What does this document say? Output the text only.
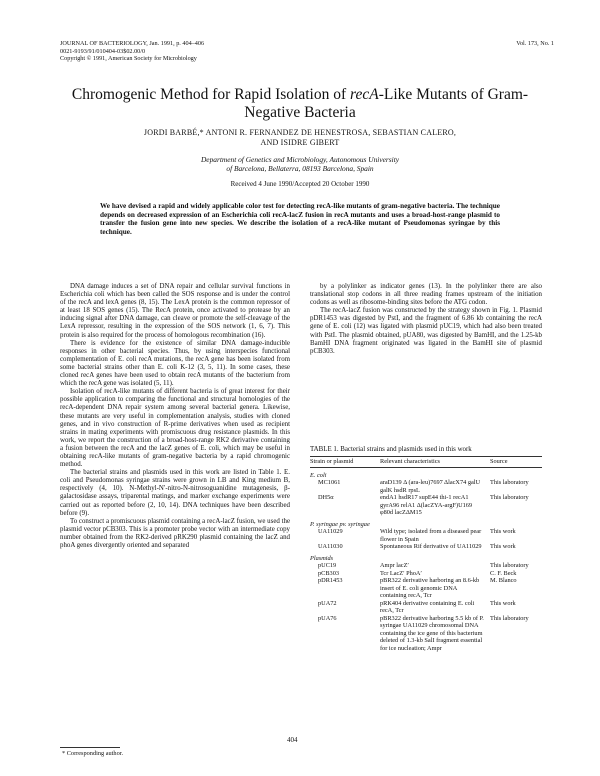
JOURNAL OF BACTERIOLOGY, Jan. 1991, p. 404–406
0021-9193/91/010404-03$02.00/0
Copyright © 1991, American Society for Microbiology
Vol. 173, No. 1
Chromogenic Method for Rapid Isolation of recA-Like Mutants of Gram-Negative Bacteria
JORDI BARBÉ,* ANTONI R. FERNANDEZ DE HENESTROSA, SEBASTIAN CALERO,
AND ISIDRE GIBERT
Department of Genetics and Microbiology, Autonomous University
of Barcelona, Bellaterra, 08193 Barcelona, Spain
Received 4 June 1990/Accepted 20 October 1990
We have devised a rapid and widely applicable color test for detecting recA-like mutants of gram-negative bacteria. The technique depends on decreased expression of an Escherichia coli recA-lacZ fusion in recA mutants and uses a broad-host-range plasmid to transfer the fusion gene into new species. We describe the isolation of a recA-like mutant of Pseudomonas syringae by this technique.

DNA damage induces a set of DNA repair and cellular survival functions in Escherichia coli which has been called the SOS response and is under the control of the recA and lexA genes (8, 15). The LexA protein is the common repressor of at least 18 SOS genes (15). The RecA protein, once activated to protease by an inducing signal after DNA damage, can cleave or promote the self-cleavage of the LexA repressor, resulting in the expression of the SOS network (1, 6, 7). This protein is also required for the process of homologous recombination (16).

There is evidence for the existence of similar DNA damage-inducible responses in other bacterial species. Thus, by using interspecies functional complementation of E. coli recA mutations, the recA gene has been isolated from some bacterial strains other than E. coli K-12 (3, 5, 11). In some cases, these cloned recA genes have been used to obtain recA mutants of the bacterium from which the recA gene was isolated (5, 11).

Isolation of recA-like mutants of different bacteria is of great interest for their possible application to comparing the functional and structural homologies of the recA-dependent DNA repair system among several bacterial genera. Likewise, these mutants are very useful in complementation analysis, studies with cloned genes, and in vivo construction of R-prime derivatives when used as recipient strains in mating experiments with promiscuous drug resistance plasmids. In this work, we report the construction of a broad-host-range RK2 derivative containing a fusion between the recA and the lacZ genes of E. coli, which may be useful in obtaining recA-like mutants of gram-negative bacteria by a rapid chromogenic method.

The bacterial strains and plasmids used in this work are listed in Table 1. E. coli and Pseudomonas syringae strains were grown in LB and King medium B, respectively (4, 10). N-Methyl-N′-nitro-N-nitrosoguanidine mutagenesis, β-galactosidase assays, triparental matings, and marker exchange experiments were carried out as reported before (2, 10, 14). DNA techniques have been described before (9).

To construct a promiscuous plasmid containing a recA-lacZ fusion, we used the plasmid vector pCB303. This is a promoter probe vector with an intermediate copy number obtained from the RK2-derived pRK290 plasmid containing the lacZ and phoA genes divergently oriented and separated

by a polylinker as indicator genes (13). In the polylinker there are also translational stop codons in all three reading frames upstream of the initiation codons as well as ribosome-binding sites before the ATG codon.

The recA-lacZ fusion was constructed by the strategy shown in Fig. 1. Plasmid pDR1453 was digested by PstI, and the fragment of 6.86 kb containing the recA gene of E. coli (12) was ligated with plasmid pUC19, which had also been treated with PstI. The plasmid obtained, pUA80, was digested by BamHI, and the 1.25-kb BamHI DNA fragment originated was ligated in the BamHI site of plasmid pCB303.

TABLE 1. Bacterial strains and plasmids used in this work
Strain or plasmid	Relevant characteristics	Source
E. coli		
MC1061	araD139 Δ (ara-leu)7697 ΔlacX74 galU galK hsdR rpsL	This laboratory
DH5α	endA1 hsdR17 supE44 thi-1 recA1 gyrA96 relA1 Δ(lacZYA-argF)U169 φ80d lacZΔM15	This laboratory
P. syringae pv. syringae		
UA11029	Wild type; isolated from a diseased pear flower in Spain	This work
UA11030	Spontaneous Rif derivative of UA11029	This work
Plasmids		
pUC19	Ampr lacZ′	This laboratory
pCB303	Tcr LacZ′ PhoA′	C. F. Beck
pDR1453	pBR322 derivative harboring an 8.6-kb insert of E. coli genomic DNA containing recA, Tcr	M. Blanco
pUA72	pRK404 derivative containing E. coli recA, Tcr	This work
pUA76	pBR322 derivative harboring 5.5 kb of P. syringae UA11029 chromosomal DNA containing the ice gene of this bacterium deleted of 1.3-kb SalI fragment essential for ice nucleation; Ampr	This laboratory
* Corresponding author.
404
